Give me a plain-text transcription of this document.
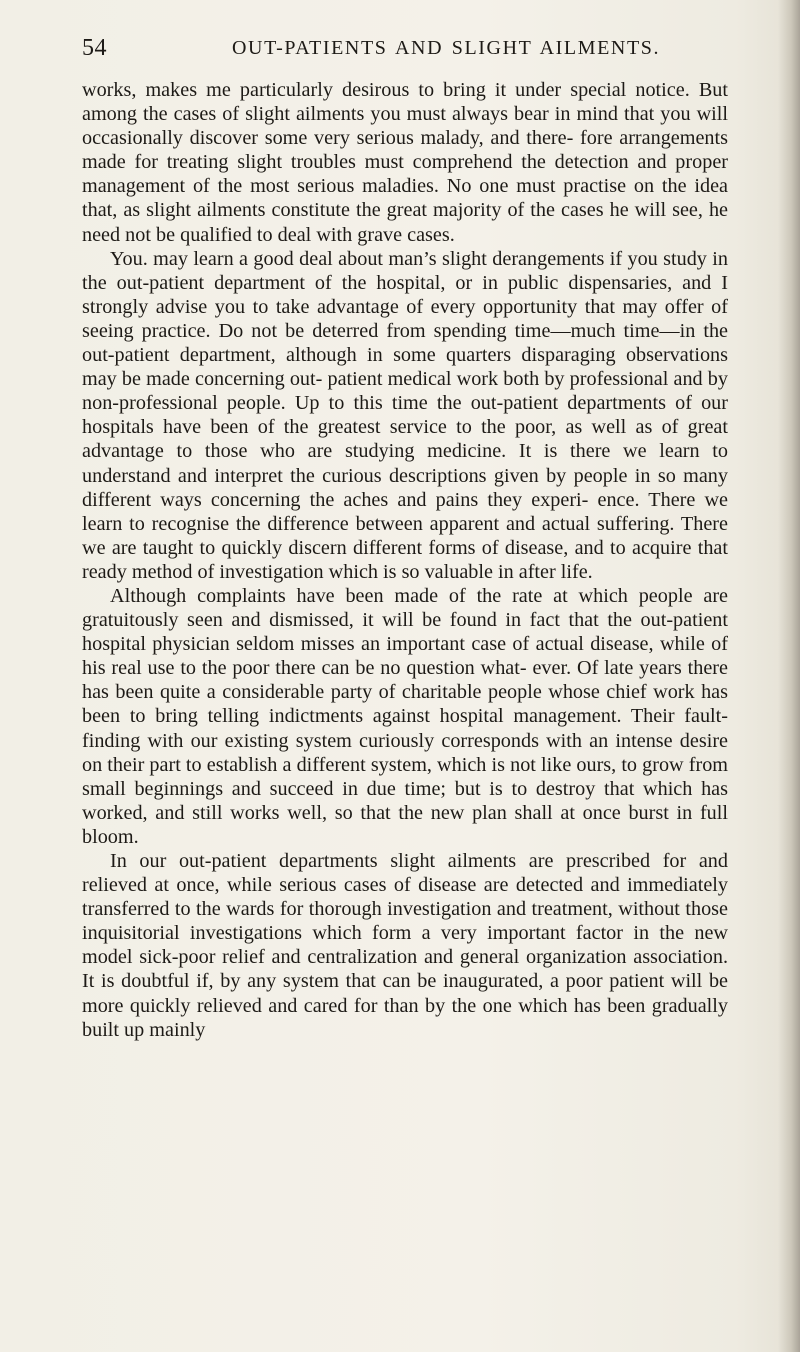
54	OUT-PATIENTS AND SLIGHT AILMENTS.

works, makes me particularly desirous to bring it under special notice. But among the cases of slight ailments you must always bear in mind that you will occasionally discover some very serious malady, and there- fore arrangements made for treating slight troubles must comprehend the detection and proper management of the most serious maladies. No one must practise on the idea that, as slight ailments constitute the great majority of the cases he will see, he need not be qualified to deal with grave cases.

You. may learn a good deal about man’s slight derangements if you study in the out-patient department of the hospital, or in public dispensaries, and I strongly advise you to take advantage of every opportunity that may offer of seeing practice. Do not be deterred from spending time—much time—in the out-patient department, although in some quarters disparaging observations may be made concerning out- patient medical work both by professional and by non-professional people. Up to this time the out-patient departments of our hospitals have been of the greatest service to the poor, as well as of great advantage to those who are studying medicine. It is there we learn to understand and interpret the curious descriptions given by people in so many different ways concerning the aches and pains they experi- ence. There we learn to recognise the difference between apparent and actual suffering. There we are taught to quickly discern different forms of disease, and to acquire that ready method of investigation which is so valuable in after life.

Although complaints have been made of the rate at which people are gratuitously seen and dismissed, it will be found in fact that the out-patient hospital physician seldom misses an important case of actual disease, while of his real use to the poor there can be no question what- ever. Of late years there has been quite a considerable party of charitable people whose chief work has been to bring telling indictments against hospital management. Their fault-finding with our existing system curiously corresponds with an intense desire on their part to establish a different system, which is not like ours, to grow from small beginnings and succeed in due time; but is to destroy that which has worked, and still works well, so that the new plan shall at once burst in full bloom.

In our out-patient departments slight ailments are prescribed for and relieved at once, while serious cases of disease are detected and immediately transferred to the wards for thorough investigation and treatment, without those inquisitorial investigations which form a very important factor in the new model sick-poor relief and centralization and general organization association. It is doubtful if, by any system that can be inaugurated, a poor patient will be more quickly relieved and cared for than by the one which has been gradually built up mainly
